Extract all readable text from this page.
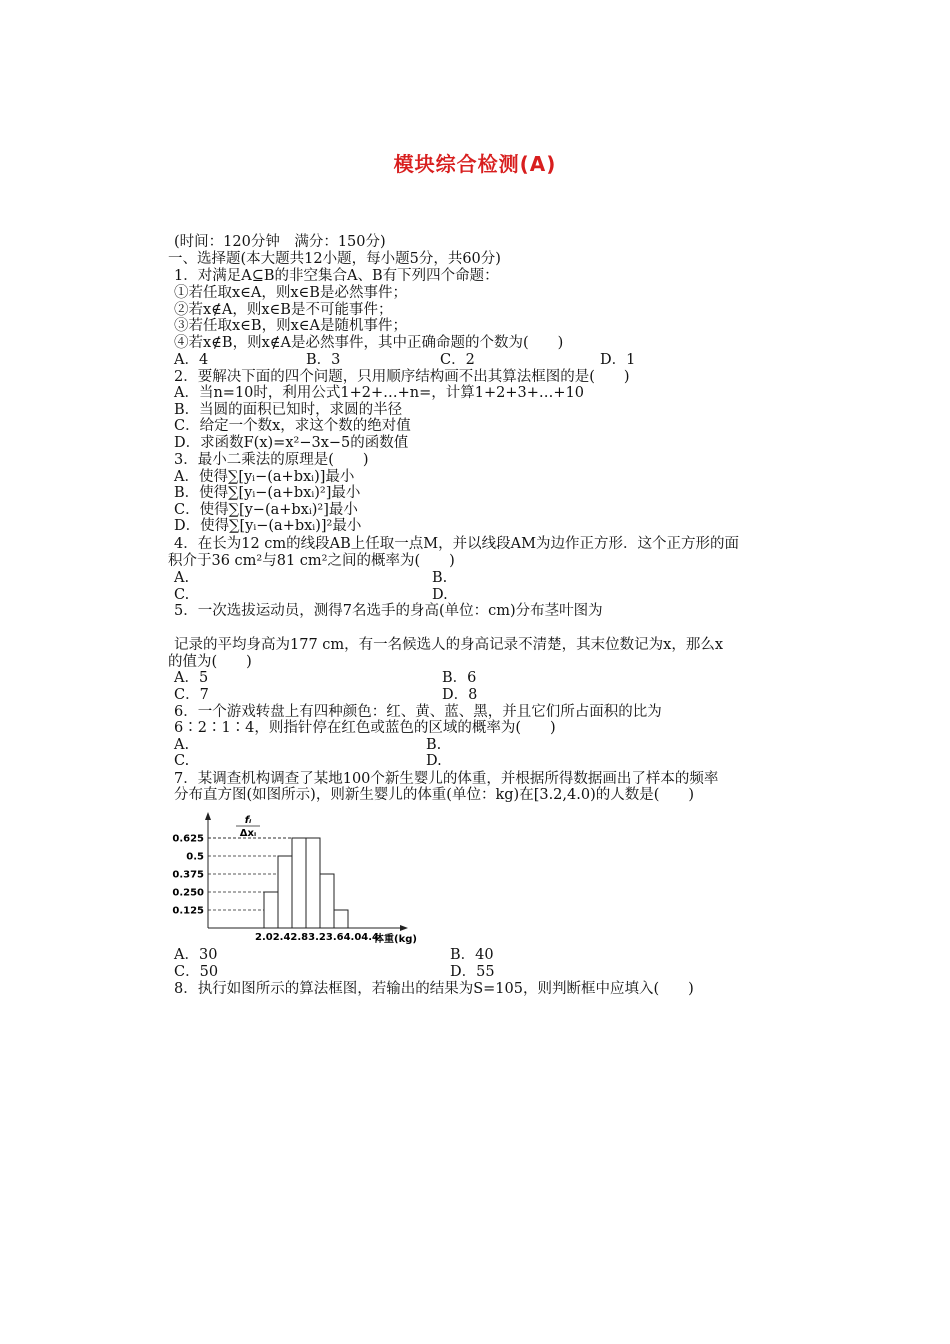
模块综合检测(A)
(时间：120分钟　满分：150分)
一、选择题(本大题共12小题，每小题5分，共60分)
1．对满足A⊆B的非空集合A、B有下列四个命题：
①若任取x∈A，则x∈B是必然事件；
②若x∉A，则x∈B是不可能事件；
③若任取x∈B，则x∈A是随机事件；
④若x∉B，则x∉A是必然事件，其中正确命题的个数为(　　)
A．4	B．3	C．2	D．1
2．要解决下面的四个问题，只用顺序结构画不出其算法框图的是(　　)
A．当n=10时，利用公式1+2+…+n=，计算1+2+3+…+10
B．当圆的面积已知时，求圆的半径
C．给定一个数x，求这个数的绝对值
D．求函数F(x)=x²−3x−5的函数值
3．最小二乘法的原理是(　　)
A．使得∑[yᵢ−(a+bxᵢ)]最小
B．使得∑[yᵢ−(a+bxᵢ)²]最小
C．使得∑[y−(a+bxᵢ)²]最小
D．使得∑[yᵢ−(a+bxᵢ)]²最小
4．在长为12 cm的线段AB上任取一点M，并以线段AM为边作正方形．这个正方形的面
积介于36 cm²与81 cm²之间的概率为(　　)
A.	B.
C.	D.
5．一次选拔运动员，测得7名选手的身高(单位：cm)分布茎叶图为
记录的平均身高为177 cm，有一名候选人的身高记录不清楚，其末位数记为x，那么x
的值为(　　)
A．5	B．6
C．7	D．8
6．一个游戏转盘上有四种颜色：红、黄、蓝、黑，并且它们所占面积的比为
6∶2∶1∶4，则指针停在红色或蓝色的区域的概率为(　　)
A.	B.
C.	D.
7．某调查机构调查了某地100个新生婴儿的体重，并根据所得数据画出了样本的频率
分布直方图(如图所示)，则新生婴儿的体重(单位：kg)在[3.2,4.0)的人数是(　　)
0.625
0.5
0.375
0.250
0.125
fᵢ
Δxᵢ
2.02.42.83.23.64.04.4
体重(kg)
A．30	B．40
C．50	D．55
8．执行如图所示的算法框图，若输出的结果为S=105，则判断框中应填入(　　)
